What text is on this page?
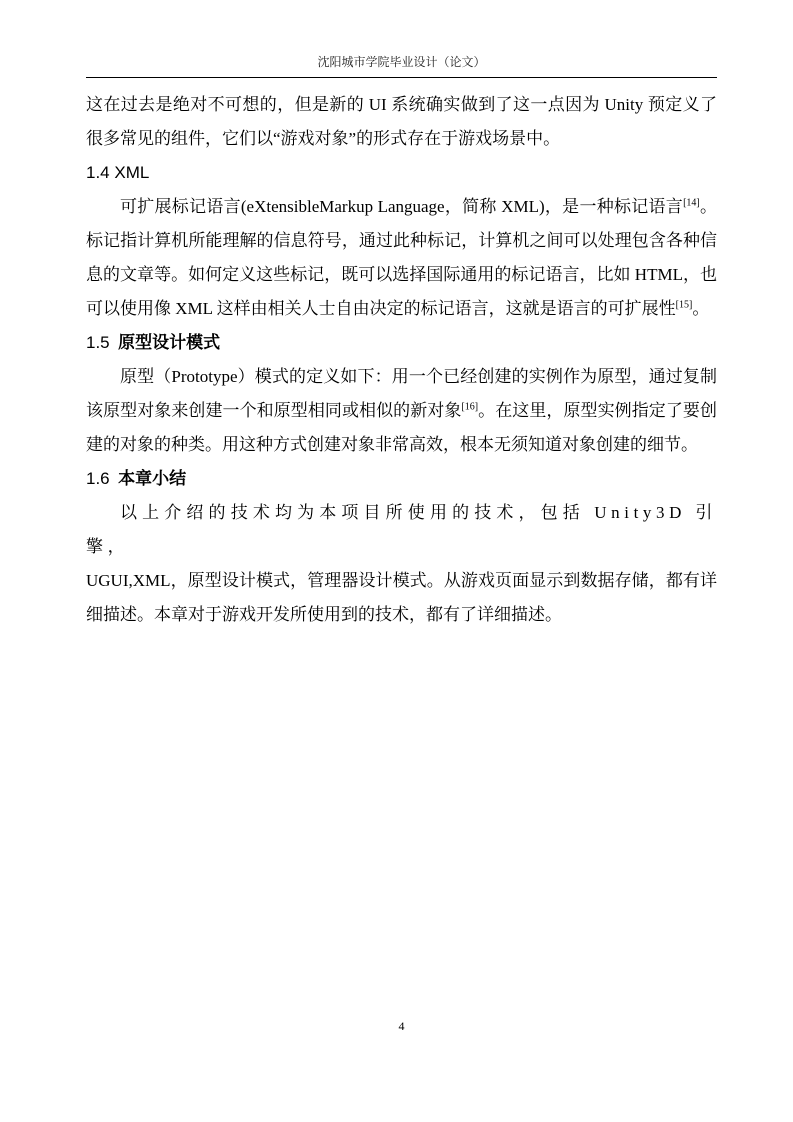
沈阳城市学院毕业设计（论文）

这在过去是绝对不可想的，但是新的 UI 系统确实做到了这一点因为 Unity 预定义了很多常见的组件，它们以“游戏对象”的形式存在于游戏场景中。

1.4 XML

可扩展标记语言(eXtensibleMarkup Language，简称 XML)，是一种标记语言[14]。标记指计算机所能理解的信息符号，通过此种标记，计算机之间可以处理包含各种信息的文章等。如何定义这些标记，既可以选择国际通用的标记语言，比如 HTML，也可以使用像 XML 这样由相关人士自由决定的标记语言，这就是语言的可扩展性[15]。

1.5 原型设计模式

原型（Prototype）模式的定义如下：用一个已经创建的实例作为原型，通过复制该原型对象来创建一个和原型相同或相似的新对象[16]。在这里，原型实例指定了要创建的对象的种类。用这种方式创建对象非常高效，根本无须知道对象创建的细节。

1.6 本章小结

以上介绍的技术均为本项目所使用的技术，包括 Unity3D 引擎，
UGUI,XML，原型设计模式，管理器设计模式。从游戏页面显示到数据存储，都有详细描述。本章对于游戏开发所使用到的技术，都有了详细描述。

4
